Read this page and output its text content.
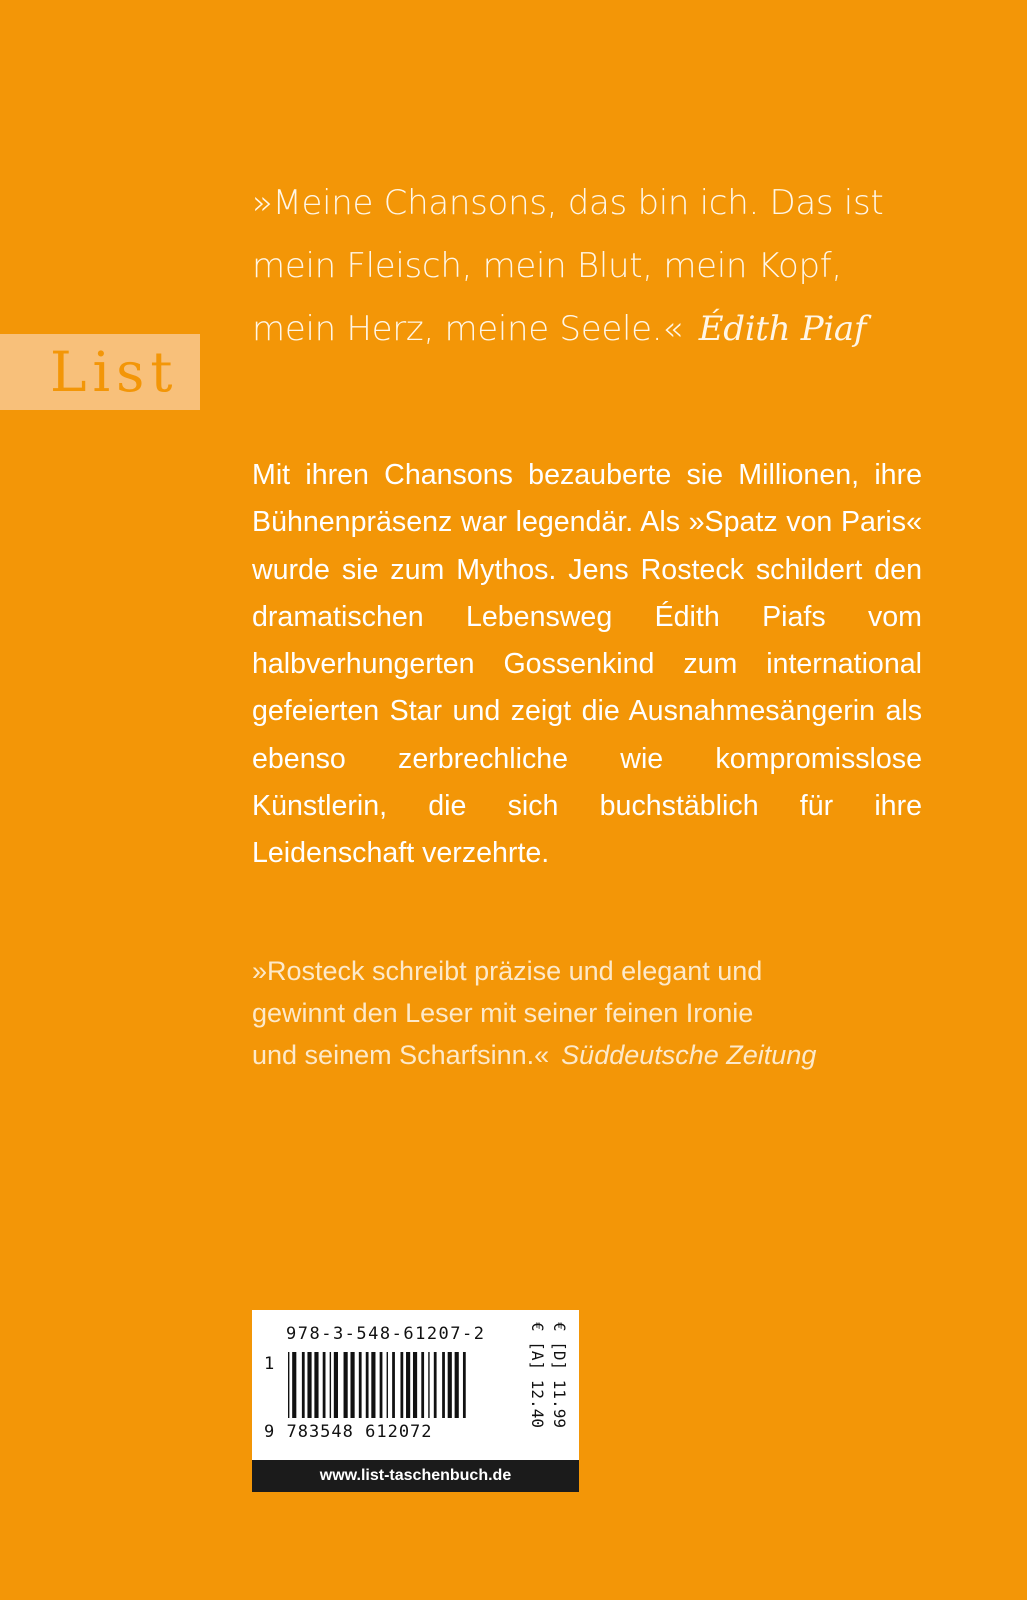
»Meine Chansons, das bin ich. Das ist
mein Fleisch, mein Blut, mein Kopf,
mein Herz, meine Seele.« Édith Piaf
List

Mit ihren Chansons bezauberte sie Millionen, ihre Bühnenpräsenz war legendär. Als »Spatz von Paris« wurde sie zum Mythos. Jens Rosteck schildert den dramatischen Lebensweg Édith Piafs vom halbverhungerten Gossenkind zum international gefeierten Star und zeigt die Ausnahmesängerin als ebenso zerbrechliche wie kompromisslose Künstlerin, die sich buchstäblich für ihre Leidenschaft verzehrte.

»Rosteck schreibt präzise und elegant und
gewinnt den Leser mit seiner feinen Ironie
und seinem Scharfsinn.« Süddeutsche Zeitung
978-3-548-61207-2
1
9 783548 612072
€ [D] 11.99
€ [A] 12.40
www.list-taschenbuch.de
